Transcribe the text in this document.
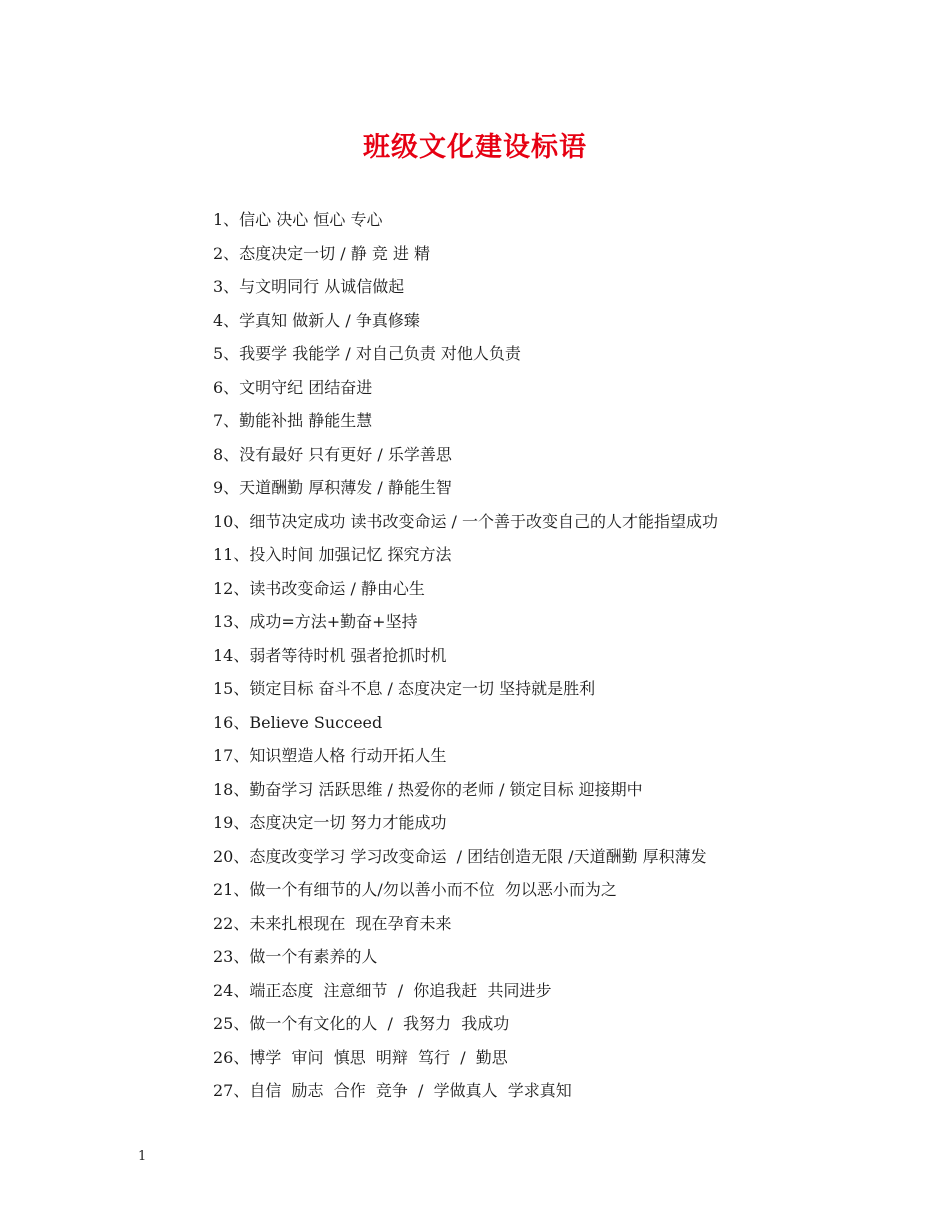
班级文化建设标语
1、信心 决心 恒心 专心
2、态度决定一切 / 静 竞 进 精
3、与文明同行 从诚信做起
4、学真知 做新人 / 争真修臻
5、我要学 我能学 / 对自己负责 对他人负责
6、文明守纪 团结奋进
7、勤能补拙 静能生慧
8、没有最好 只有更好 / 乐学善思
9、天道酬勤 厚积薄发 / 静能生智
10、细节决定成功 读书改变命运 / 一个善于改变自己的人才能指望成功
11、投入时间 加强记忆 探究方法
12、读书改变命运 / 静由心生
13、成功=方法+勤奋+坚持
14、弱者等待时机 强者抢抓时机
15、锁定目标 奋斗不息 / 态度决定一切 坚持就是胜利
16、Believe Succeed
17、知识塑造人格 行动开拓人生
18、勤奋学习 活跃思维 / 热爱你的老师 / 锁定目标 迎接期中
19、态度决定一切 努力才能成功
20、态度改变学习 学习改变命运  / 团结创造无限 /天道酬勤 厚积薄发
21、做一个有细节的人/勿以善小而不位  勿以恶小而为之
22、未来扎根现在  现在孕育未来
23、做一个有素养的人
24、端正态度  注意细节  /  你追我赶  共同进步
25、做一个有文化的人  /  我努力  我成功
26、博学  审问  慎思  明辩  笃行  /  勤思
27、自信  励志  合作  竞争  /  学做真人  学求真知
1
